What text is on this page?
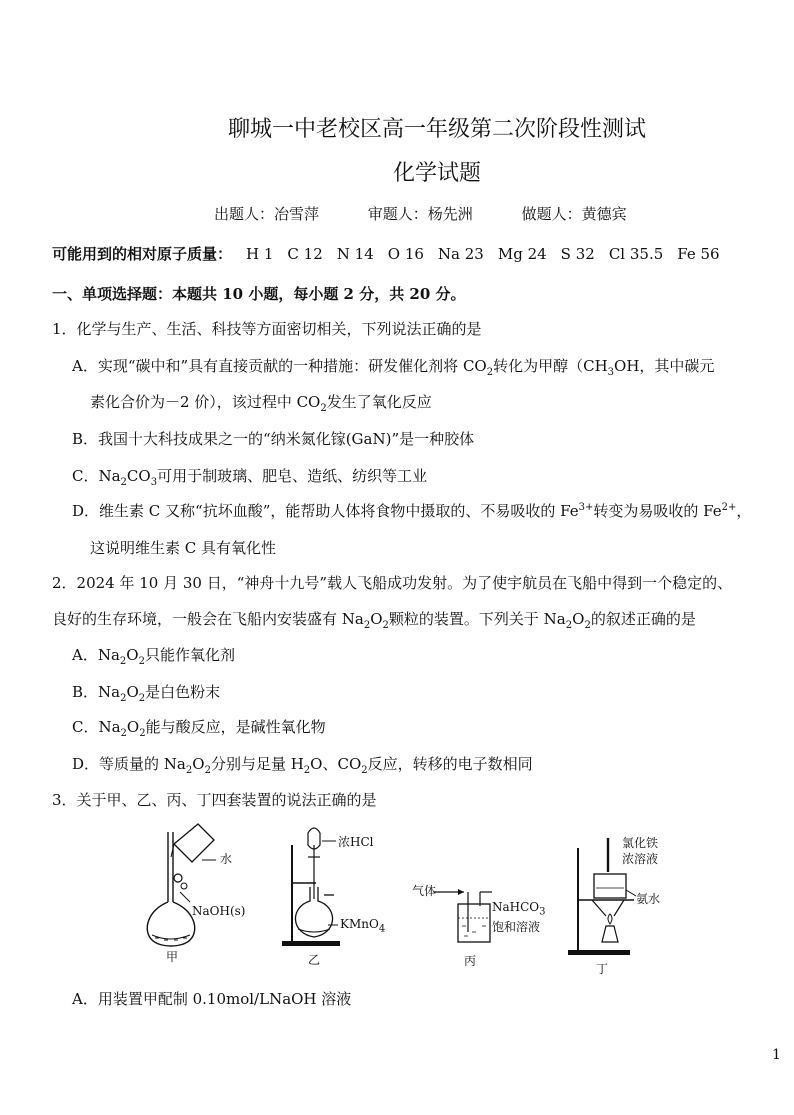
聊城一中老校区高一年级第二次阶段性测试
化学试题
出题人：冶雪萍	审题人：杨先洲	做题人：黄德宾
可能用到的相对原子质量： H 1 C 12 N 14 O 16 Na 23 Mg 24 S 32 Cl 35.5 Fe 56
一、单项选择题：本题共 10 小题，每小题 2 分，共 20 分。
1．化学与生产、生活、科技等方面密切相关，下列说法正确的是
A．实现“碳中和”具有直接贡献的一种措施：研发催化剂将 $CO_2$转化为甲醇（$CH_3OH$，其中碳元
素化合价为－2 价），该过程中 $CO_2$发生了氧化反应
B．我国十大科技成果之一的“纳米氮化镓(GaN)”是一种胶体
C．$Na_2CO_3$可用于制玻璃、肥皂、造纸、纺织等工业
D．维生素 C 又称“抗坏血酸”，能帮助人体将食物中摄取的、不易吸收的 $Fe^{3+}$转变为易吸收的 $Fe^{2+}$，
这说明维生素 C 具有氧化性
2．2024 年 10 月 30 日，“神舟十九号”载人飞船成功发射。为了使宇航员在飞船中得到一个稳定的、
良好的生存环境，一般会在飞船内安装盛有 $Na_2O_2$颗粒的装置。下列关于 $Na_2O_2$的叙述正确的是
A．$Na_2O_2$只能作氧化剂
B．$Na_2O_2$是白色粉末
C．$Na_2O_2$能与酸反应，是碱性氧化物
D．等质量的 $Na_2O_2$分别与足量 $H_2O$、$CO_2$反应，转移的电子数相同
3．关于甲、乙、丙、丁四套装置的说法正确的是
水
NaOH(s)
甲
浓HCl
KMnO$_4$
乙
气体
NaHCO$_3$
饱和溶液
丙
氯化铁
浓溶液
氨水
丁
A．用装置甲配制 0.10mol/LNaOH 溶液
1
